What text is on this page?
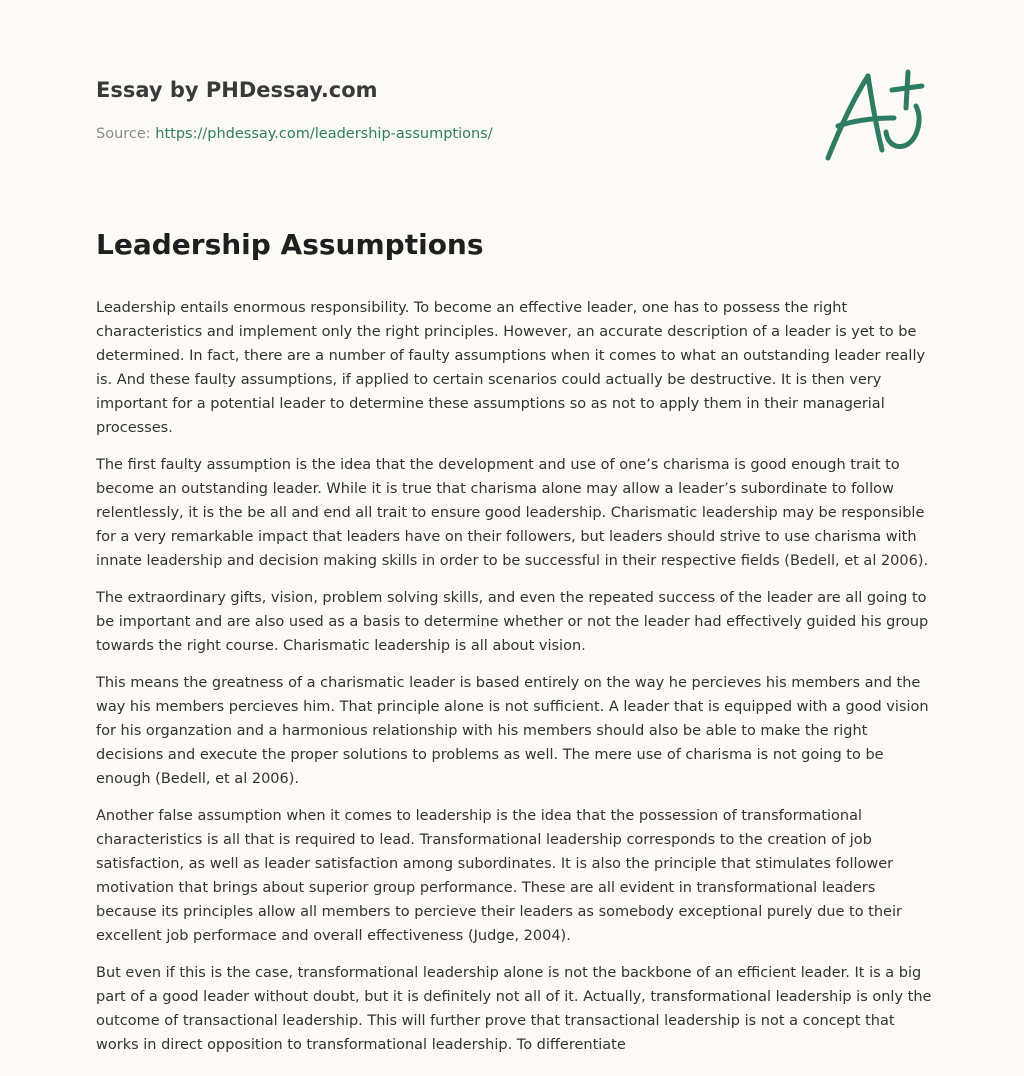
Essay by PHDessay.com
Source: https://phdessay.com/leadership-assumptions/
Leadership Assumptions

Leadership entails enormous responsibility. To become an effective leader, one has to possess the right characteristics and implement only the right principles. However, an accurate description of a leader is yet to be determined. In fact, there are a number of faulty assumptions when it comes to what an outstanding leader really is. And these faulty assumptions, if applied to certain scenarios could actually be destructive. It is then very important for a potential leader to determine these assumptions so as not to apply them in their managerial processes.

The first faulty assumption is the idea that the development and use of one’s charisma is good enough trait to become an outstanding leader. While it is true that charisma alone may allow a leader’s subordinate to follow relentlessly, it is the be all and end all trait to ensure good leadership. Charismatic leadership may be responsible for a very remarkable impact that leaders have on their followers, but leaders should strive to use charisma with innate leadership and decision making skills in order to be successful in their respective fields (Bedell, et al 2006).

The extraordinary gifts, vision, problem solving skills, and even the repeated success of the leader are all going to be important and are also used as a basis to determine whether or not the leader had effectively guided his group towards the right course. Charismatic leadership is all about vision.

This means the greatness of a charismatic leader is based entirely on the way he percieves his members and the way his members percieves him. That principle alone is not sufficient. A leader that is equipped with a good vision for his organzation and a harmonious relationship with his members should also be able to make the right decisions and execute the proper solutions to problems as well. The mere use of charisma is not going to be enough (Bedell, et al 2006).

Another false assumption when it comes to leadership is the idea that the possession of transformational characteristics is all that is required to lead. Transformational leadership corresponds to the creation of job satisfaction, as well as leader satisfaction among subordinates. It is also the principle that stimulates follower motivation that brings about superior group performance. These are all evident in transformational leaders because its principles allow all members to percieve their leaders as somebody exceptional purely due to their excellent job performace and overall effectiveness (Judge, 2004).

But even if this is the case, transformational leadership alone is not the backbone of an efficient leader. It is a big part of a good leader without doubt, but it is definitely not all of it. Actually, transformational leadership is only the outcome of transactional leadership. This will further prove that transactional leadership is not a concept that works in direct opposition to transformational leadership. To differentiate
